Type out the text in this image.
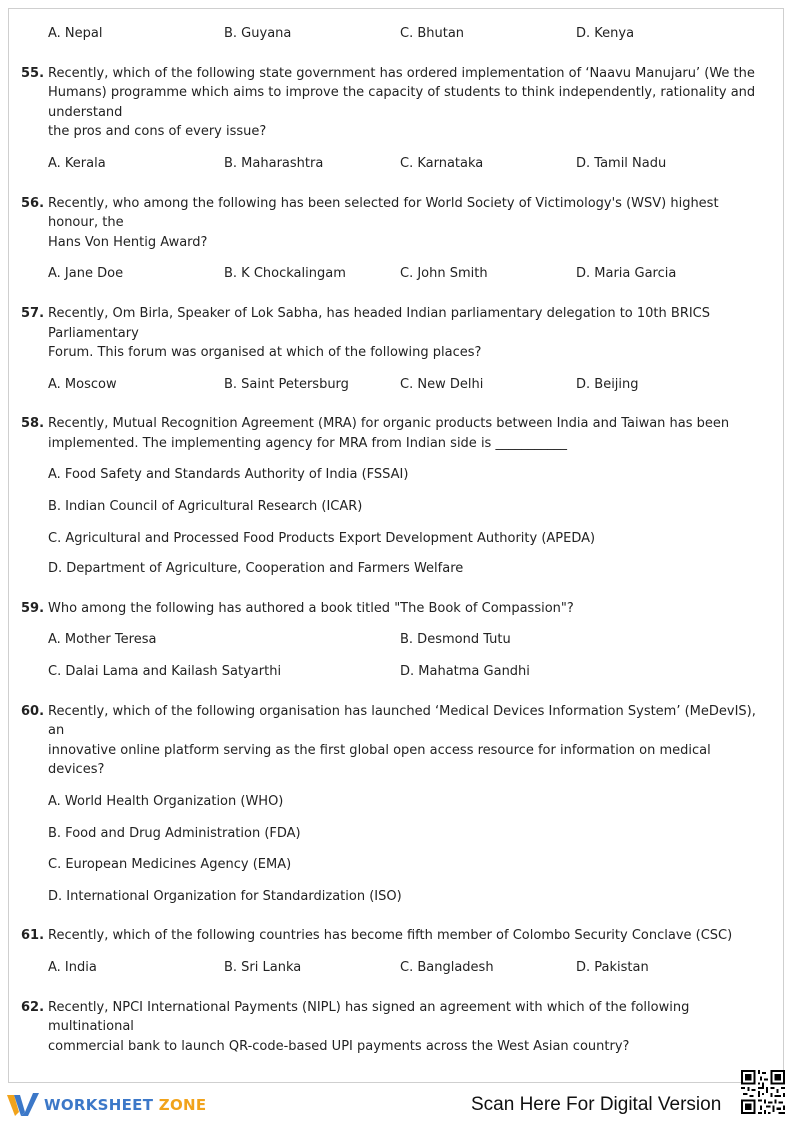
A. Nepal	B. Guyana	C. Bhutan	D. Kenya
55. Recently, which of the following state government has ordered implementation of ‘Naavu Manujaru’ (We the
Humans) programme which aims to improve the capacity of students to think independently, rationality and
understand
the pros and cons of every issue?
A. Kerala	B. Maharashtra	C. Karnataka	D. Tamil Nadu
56. Recently, who among the following has been selected for World Society of Victimology's (WSV) highest
honour, the
Hans Von Hentig Award?
A. Jane Doe	B. K Chockalingam	C. John Smith	D. Maria Garcia
57. Recently, Om Birla, Speaker of Lok Sabha, has headed Indian parliamentary delegation to 10th BRICS
Parliamentary
Forum. This forum was organised at which of the following places?
A. Moscow	B. Saint Petersburg	C. New Delhi	D. Beijing
58. Recently, Mutual Recognition Agreement (MRA) for organic products between India and Taiwan has been
implemented. The implementing agency for MRA from Indian side is ___________
A. Food Safety and Standards Authority of India (FSSAI)
B. Indian Council of Agricultural Research (ICAR)
C. Agricultural and Processed Food Products Export Development Authority (APEDA)
D. Department of Agriculture, Cooperation and Farmers Welfare
59. Who among the following has authored a book titled "The Book of Compassion"?
A. Mother Teresa	B. Desmond Tutu
C. Dalai Lama and Kailash Satyarthi	D. Mahatma Gandhi
60. Recently, which of the following organisation has launched ‘Medical Devices Information System’ (MeDevIS),
an
innovative online platform serving as the first global open access resource for information on medical
devices?
A. World Health Organization (WHO)
B. Food and Drug Administration (FDA)
C. European Medicines Agency (EMA)
D. International Organization for Standardization (ISO)
61. Recently, which of the following countries has become fifth member of Colombo Security Conclave (CSC)
A. India	B. Sri Lanka	C. Bangladesh	D. Pakistan
62. Recently, NPCI International Payments (NIPL) has signed an agreement with which of the following
multinational
commercial bank to launch QR-code-based UPI payments across the West Asian country?
WORKSHEET ZONE	Scan Here For Digital Version
